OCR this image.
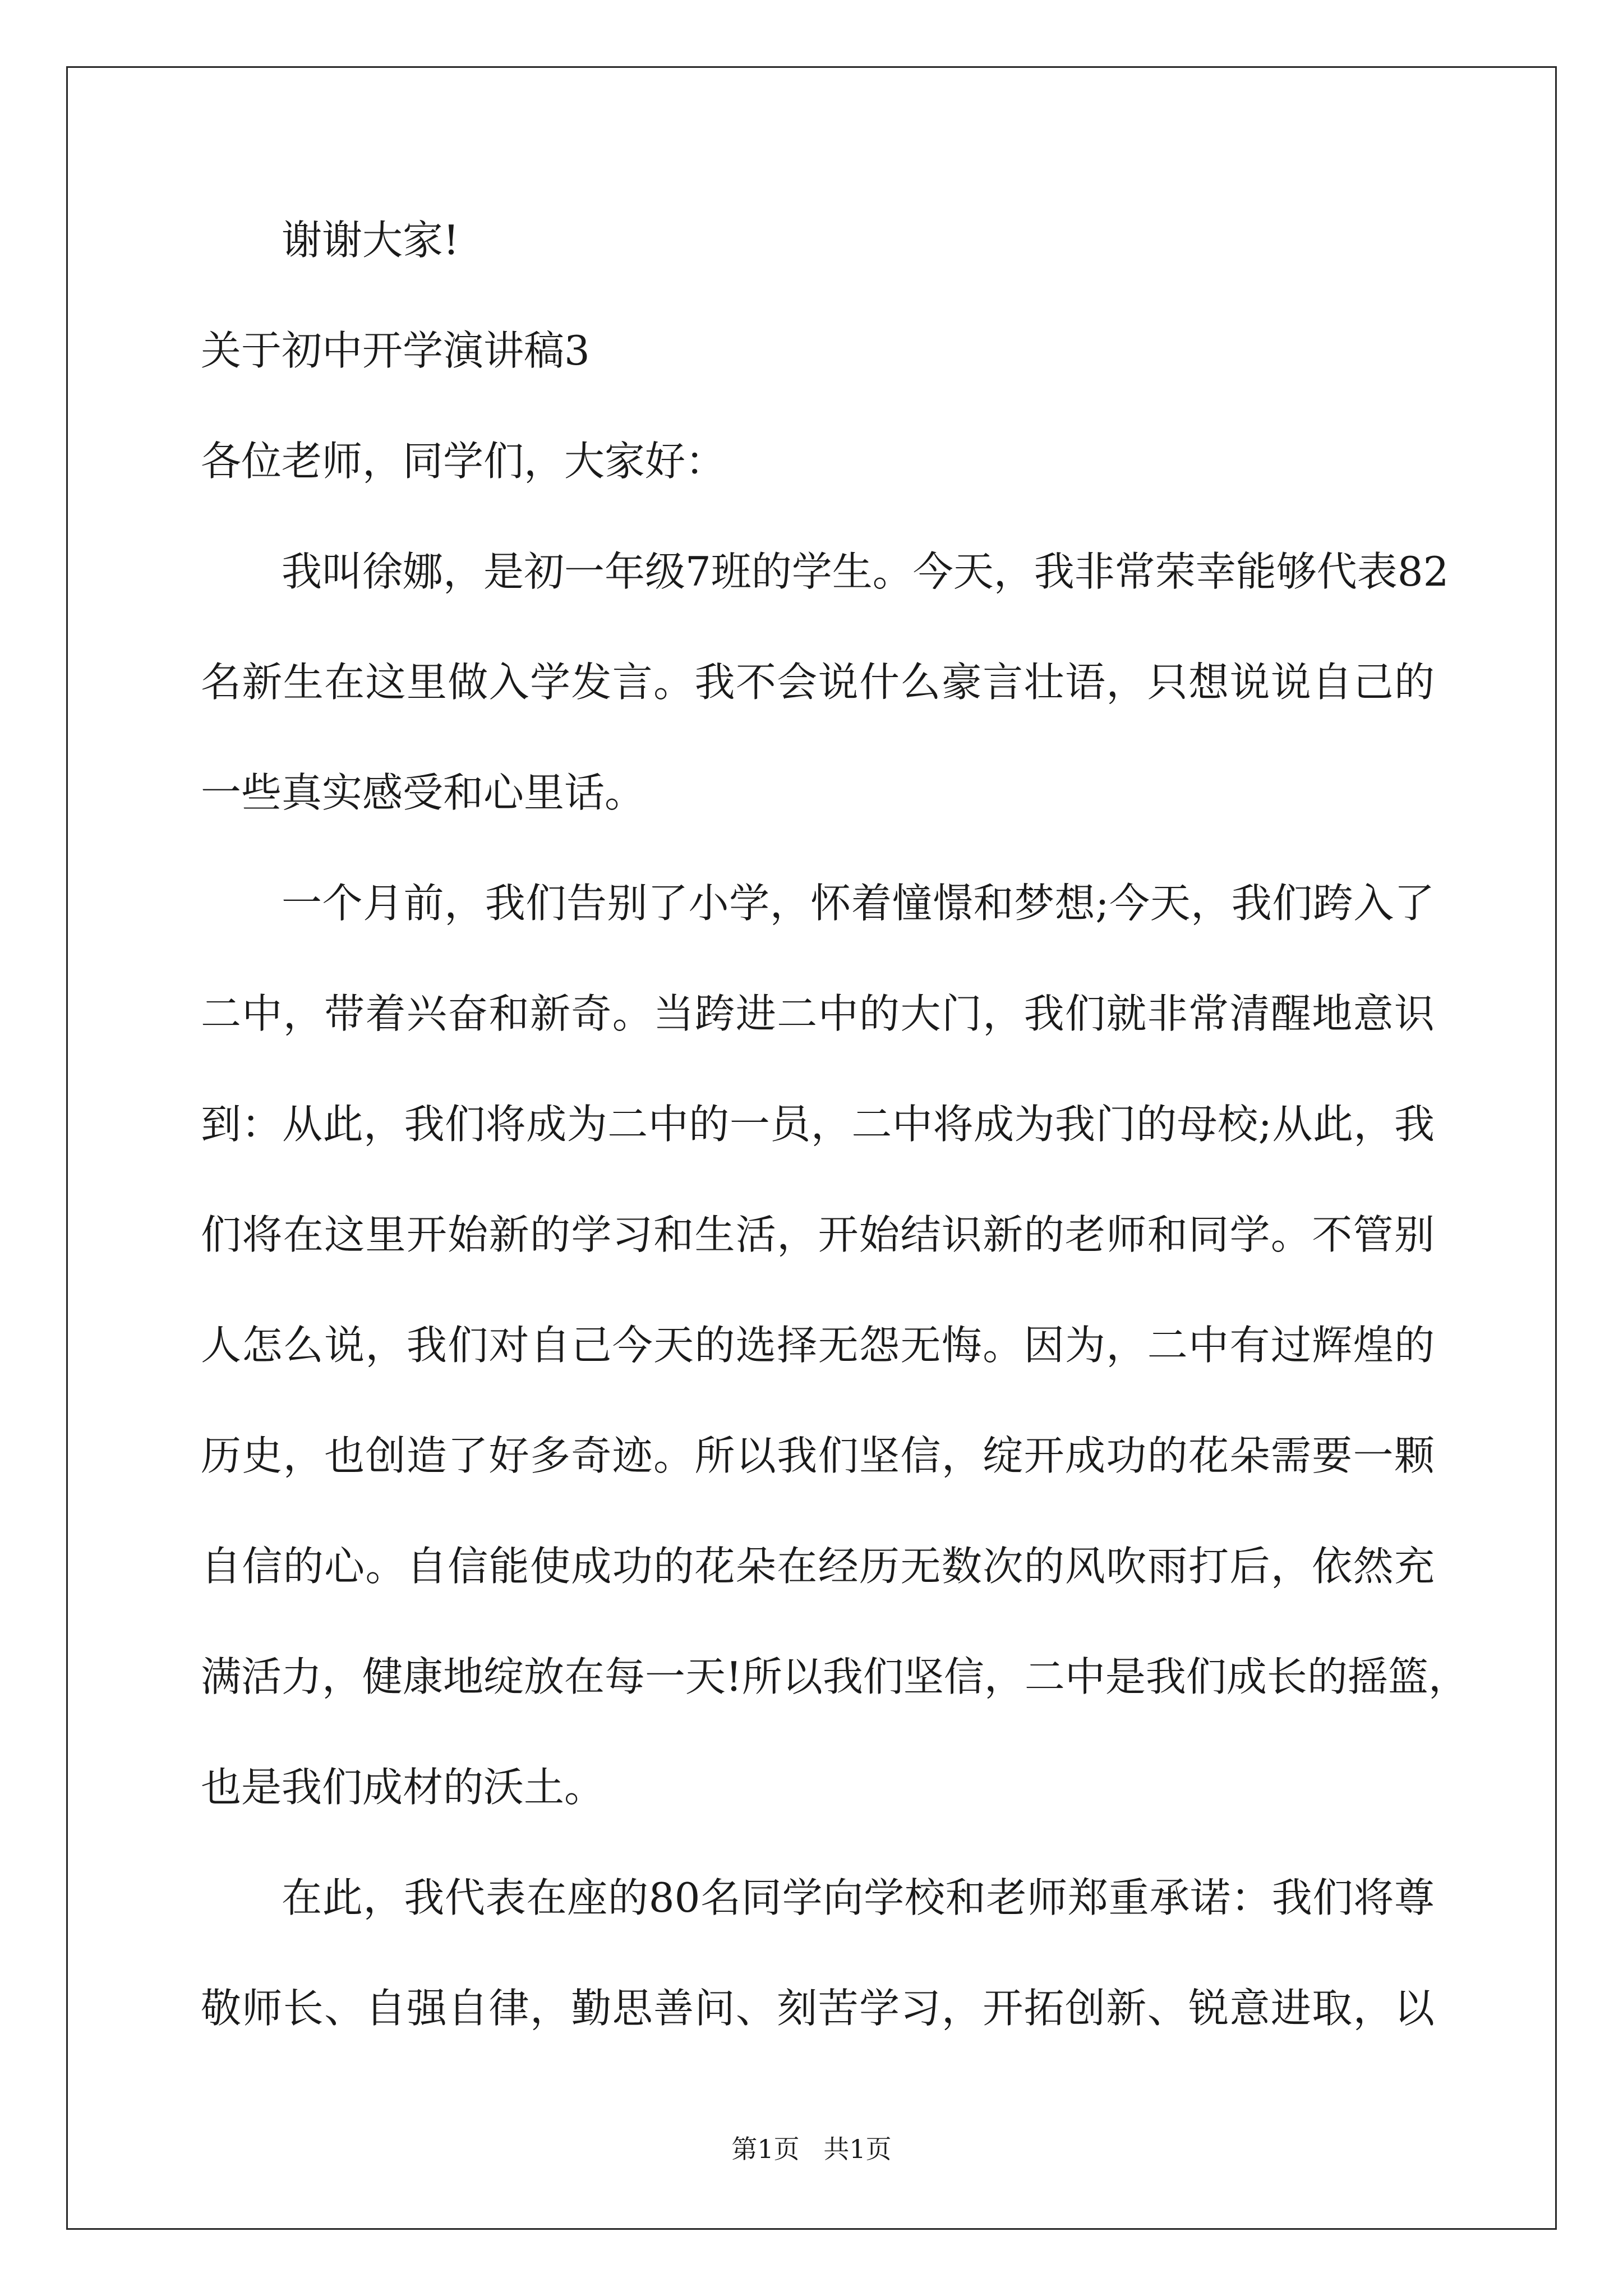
谢谢大家!
关于初中开学演讲稿3
各位老师，同学们，大家好：
我叫徐娜，是初一年级7班的学生。今天，我非常荣幸能够代表82
名新生在这里做入学发言。我不会说什么豪言壮语，只想说说自己的
一些真实感受和心里话。
一个月前，我们告别了小学，怀着憧憬和梦想;今天，我们跨入了
二中，带着兴奋和新奇。当跨进二中的大门，我们就非常清醒地意识
到：从此，我们将成为二中的一员，二中将成为我门的母校;从此，我
们将在这里开始新的学习和生活，开始结识新的老师和同学。不管别
人怎么说，我们对自己今天的选择无怨无悔。因为，二中有过辉煌的
历史，也创造了好多奇迹。所以我们坚信，绽开成功的花朵需要一颗
自信的心。自信能使成功的花朵在经历无数次的风吹雨打后，依然充
满活力，健康地绽放在每一天!所以我们坚信，二中是我们成长的摇篮，
也是我们成材的沃土。
在此，我代表在座的80名同学向学校和老师郑重承诺：我们将尊
敬师长、自强自律，勤思善问、刻苦学习，开拓创新、锐意进取，以
第1页 共1页
